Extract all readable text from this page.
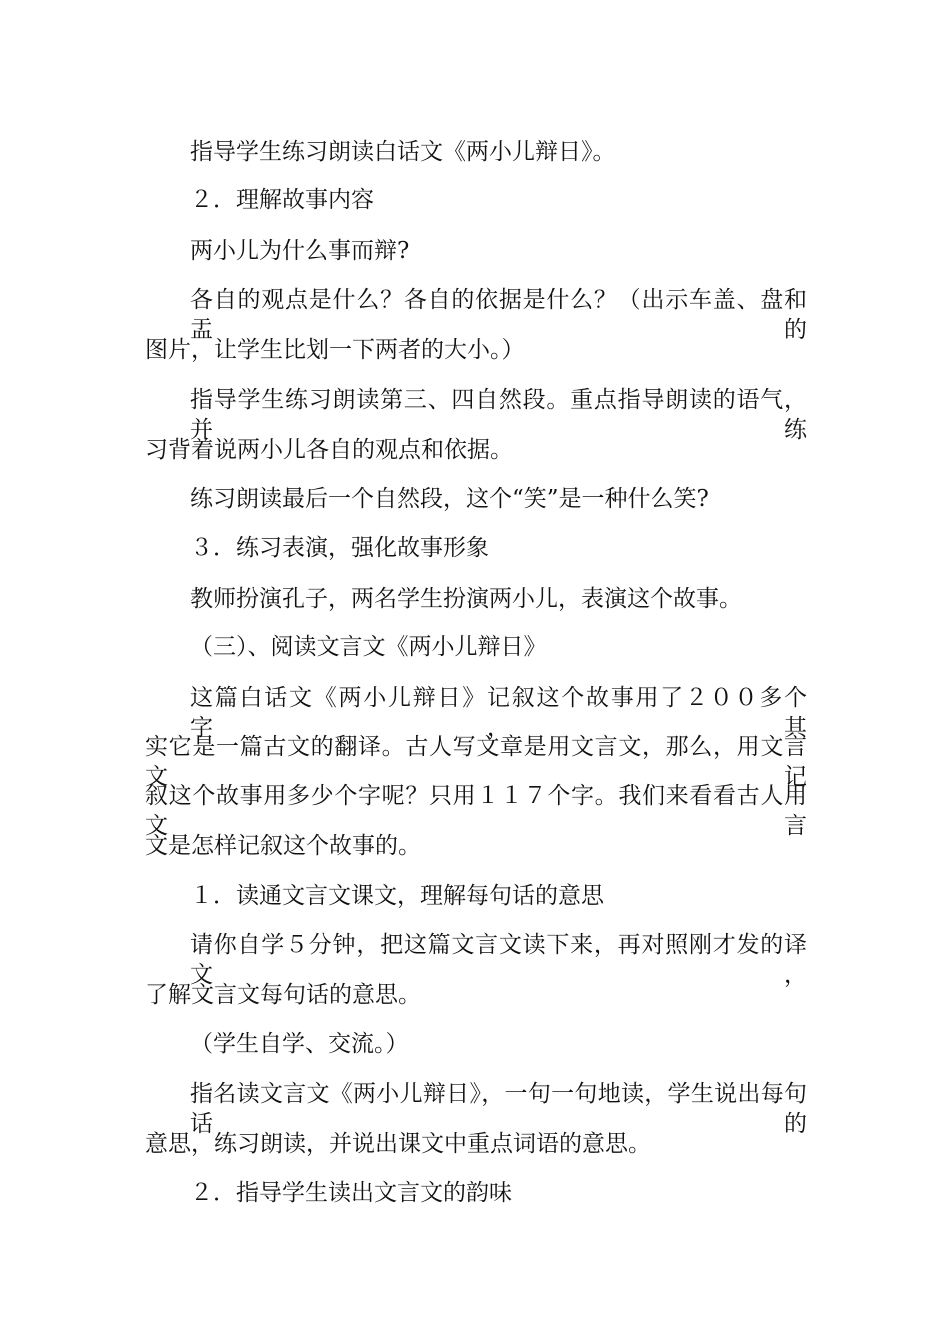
指导学生练习朗读白话文《两小儿辩日》。
２．理解故事内容
两小儿为什么事而辩?
各自的观点是什么？各自的依据是什么？（出示车盖、盘和盂的
图片，让学生比划一下两者的大小。）
指导学生练习朗读第三、四自然段。重点指导朗读的语气，并练
习背着说两小儿各自的观点和依据。
练习朗读最后一个自然段，这个“笑”是一种什么笑?
３．练习表演，强化故事形象
教师扮演孔子，两名学生扮演两小儿，表演这个故事。
（三）、阅读文言文《两小儿辩日》
这篇白话文《两小儿辩日》记叙这个故事用了２００多个字，其
实它是一篇古文的翻译。古人写文章是用文言文，那么，用文言文记
叙这个故事用多少个字呢？只用１１７个字。我们来看看古人用文言
文是怎样记叙这个故事的。
１．读通文言文课文，理解每句话的意思
请你自学５分钟，把这篇文言文读下来，再对照刚才发的译文，
了解文言文每句话的意思。
（学生自学、交流。）
指名读文言文《两小儿辩日》，一句一句地读，学生说出每句话的
意思，练习朗读，并说出课文中重点词语的意思。
２．指导学生读出文言文的韵味
